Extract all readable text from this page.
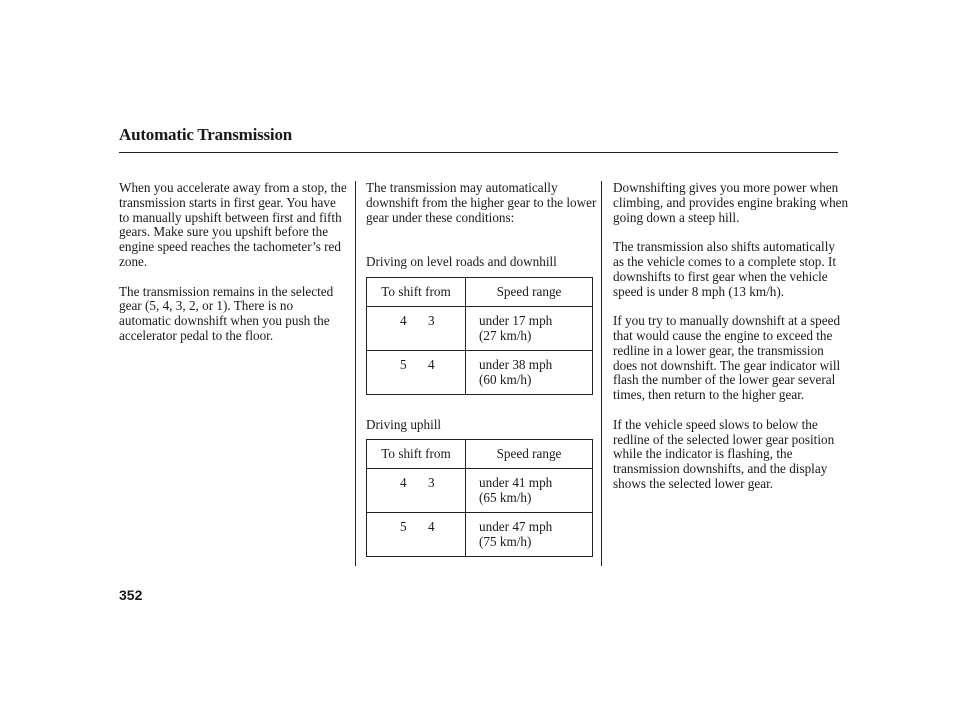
Automatic Transmission

When you accelerate away from a stop, the transmission starts in first gear. You have to manually upshift between first and fifth gears. Make sure you upshift before the engine speed reaches the tachometer’s red zone.

The transmission remains in the selected gear (5, 4, 3, 2, or 1). There is no automatic downshift when you push the accelerator pedal to the floor.

The transmission may automatically downshift from the higher gear to the lower gear under these conditions:

Driving on level roads and downhill
To shift from	Speed range
4 3	under 17 mph
(27 km/h)

5 4	under 38 mph
(60 km/h)
Driving uphill
To shift from	Speed range
4 3	under 41 mph
(65 km/h)

5 4	under 47 mph
(75 km/h)

Downshifting gives you more power when climbing, and provides engine braking when going down a steep hill.

The transmission also shifts automatically as the vehicle comes to a complete stop. It downshifts to first gear when the vehicle speed is under 8 mph (13 km/h).

If you try to manually downshift at a speed that would cause the engine to exceed the redline in a lower gear, the transmission does not downshift. The gear indicator will flash the number of the lower gear several times, then return to the higher gear.

If the vehicle speed slows to below the redline of the selected lower gear position while the indicator is flashing, the transmission downshifts, and the display shows the selected lower gear.

352
